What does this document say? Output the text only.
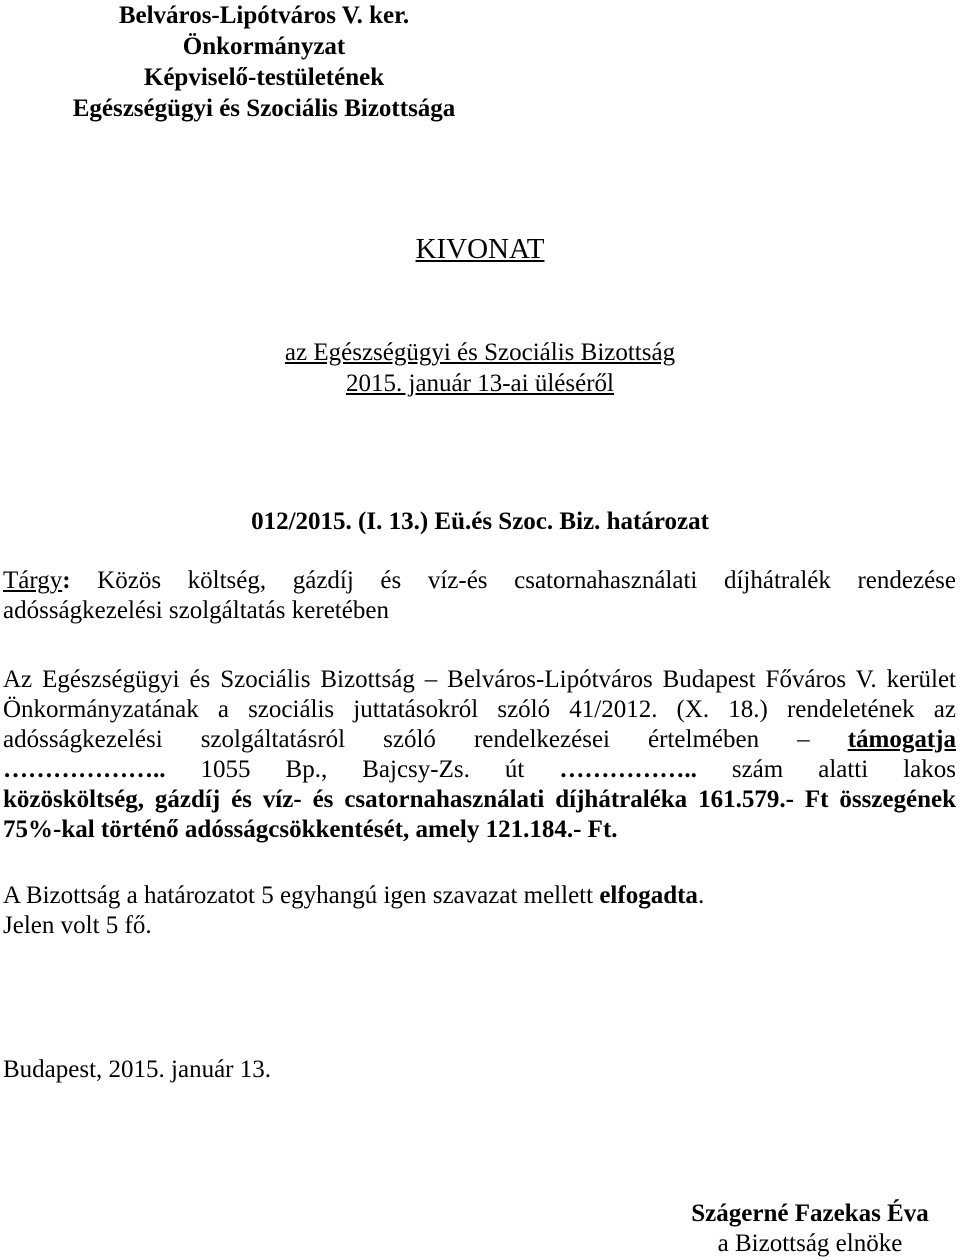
Belváros-Lipótváros V. ker.
Önkormányzat
Képviselő-testületének
Egészségügyi és Szociális Bizottsága
KIVONAT
az Egészségügyi és Szociális Bizottság
2015. január 13-ai üléséről
012/2015. (I. 13.) Eü.és Szoc. Biz. határozat
Tárgy: Közös költség, gázdíj és víz-és csatornahasználati díjhátralék rendezése
adósságkezelési szolgáltatás keretében
Az Egészségügyi és Szociális Bizottság – Belváros-Lipótváros Budapest Főváros V. kerület
Önkormányzatának a szociális juttatásokról szóló 41/2012. (X. 18.) rendeletének az
adósságkezelési szolgáltatásról szóló rendelkezései értelmében – támogatja
……………….. 1055 Bp., Bajcsy-Zs. út …………….. szám alatti lakos
közösköltség, gázdíj és víz- és csatornahasználati díjhátraléka 161.579.- Ft összegének
75%-kal történő adósságcsökkentését, amely 121.184.- Ft.
A Bizottság a határozatot 5 egyhangú igen szavazat mellett elfogadta.
Jelen volt 5 fő.
Budapest, 2015. január 13.
Szágerné Fazekas Éva
a Bizottság elnöke
